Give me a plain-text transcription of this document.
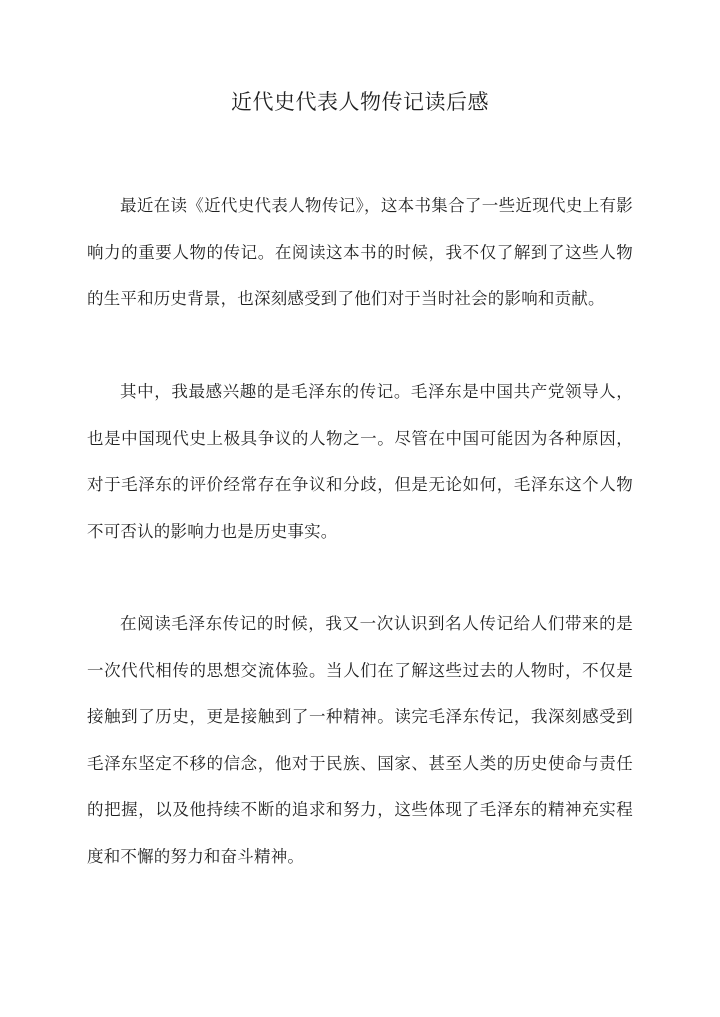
近代史代表人物传记读后感

最近在读《近代史代表人物传记》，这本书集合了一些近现代史上有影响力的重要人物的传记。在阅读这本书的时候，我不仅了解到了这些人物的生平和历史背景，也深刻感受到了他们对于当时社会的影响和贡献。

其中，我最感兴趣的是毛泽东的传记。毛泽东是中国共产党领导人，也是中国现代史上极具争议的人物之一。尽管在中国可能因为各种原因，对于毛泽东的评价经常存在争议和分歧，但是无论如何，毛泽东这个人物不可否认的影响力也是历史事实。

在阅读毛泽东传记的时候，我又一次认识到名人传记给人们带来的是一次代代相传的思想交流体验。当人们在了解这些过去的人物时，不仅是接触到了历史，更是接触到了一种精神。读完毛泽东传记，我深刻感受到毛泽东坚定不移的信念，他对于民族、国家、甚至人类的历史使命与责任的把握，以及他持续不断的追求和努力，这些体现了毛泽东的精神充实程度和不懈的努力和奋斗精神。
